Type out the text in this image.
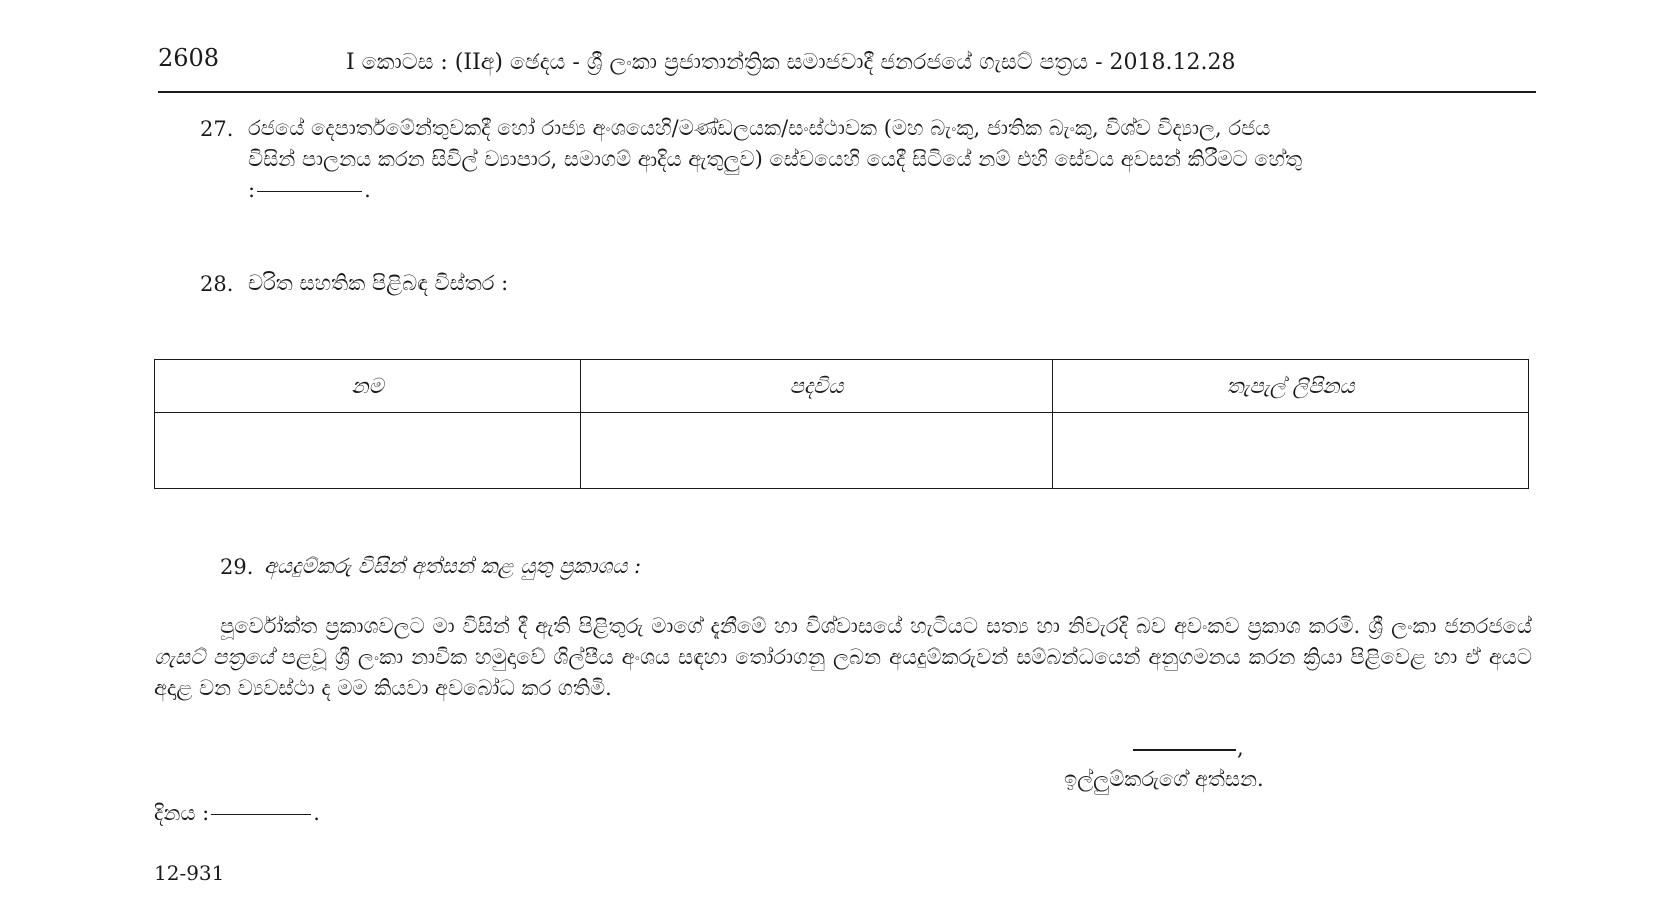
2608	I කොටස : (IIඅ) ඡෙදය - ශ්‍රී ලංකා ප්‍රජාතාන්ත්‍රික සමාජවාදී ජනරජයේ ගැසට් පත්‍රය - 2018.12.28
27. රජයේ දෙපාර්තමේන්තුවකදී හෝ රාජ්‍ය අංශයෙහි/මණ්ඩලයක/සංස්ථාවක (මහ බැංකු, ජාතික බැංකු, විශ්ව විද්‍යාල, රජය
විසින් පාලනය කරන සිවිල් ව්‍යාපාර, සමාගම් ආදිය ඇතුලුව) සේවයෙහි යෙදී සිටියේ නම් එහි සේවය අවසන් කිරීමට හේතු
:	.
28. චරිත සහතික පිළිබඳ විස්තර :
නම	පදවිය	තැපැල් ලිපිනය

29. අයදුම්කරු විසින් අත්සන් කළ යුතු ප්‍රකාශය :
පූර්වෝක්ත ප්‍රකාශවලට මා විසින් දී ඇති පිළිතුරු මාගේ දැනීමේ හා විශ්වාසයේ හැටියට සත්‍ය හා නිවැරදි බව අවංකව ප්‍රකාශ කරමි. ශ්‍රී ලංකා ජනරජයේ ගැසට් පත්‍රයේ පළවූ ශ්‍රී ලංකා නාවික හමුදාවේ ශිල්පීය අංශය සඳහා තෝරාගනු ලබන අයදුම්කරුවන් සම්බන්ධයෙන් අනුගමනය කරන ක්‍රියා පිළිවෙළ හා ඒ අයට අදාළ වන ව්‍යවස්ථා ද මම කියවා අවබෝධ කර ගතිමි.
,
ඉල්ලුම්කරුගේ අත්සන.
දිනය :	.
12-931
